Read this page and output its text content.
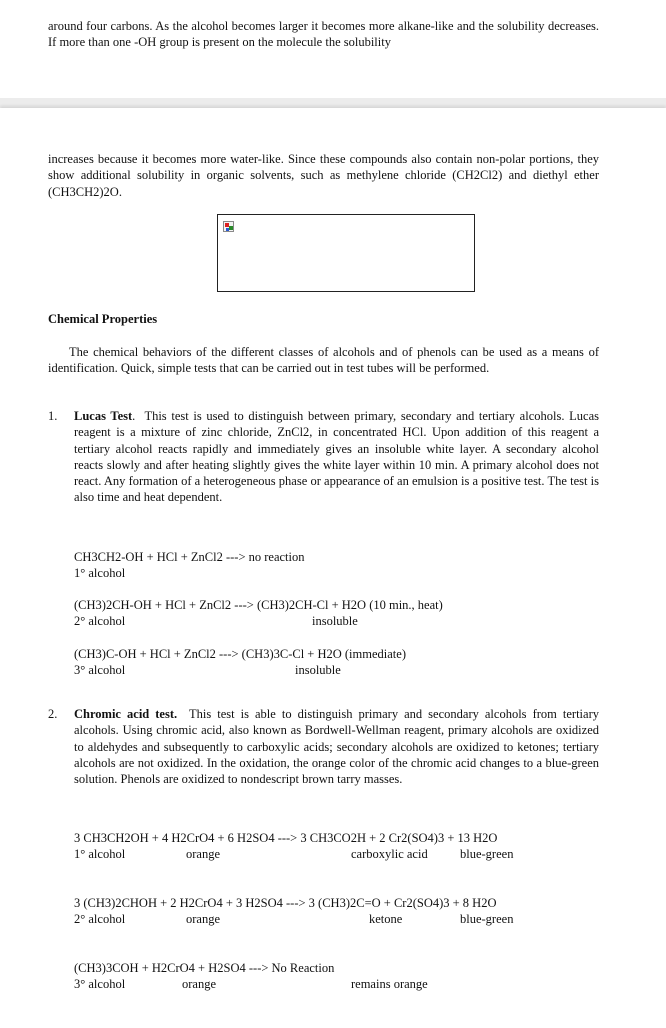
around four carbons. As the alcohol becomes larger it becomes more alkane-like and the solubility decreases. If more than one -OH group is present on the molecule the solubility

increases because it becomes more water-like. Since these compounds also contain non-polar portions, they show additional solubility in organic solvents, such as methylene chloride (CH2Cl2) and diethyl ether (CH3CH2)2O.

Chemical Properties

The chemical behaviors of the different classes of alcohols and of phenols can be used as a means of identification. Quick, simple tests that can be carried out in test tubes will be performed.

1. Lucas Test.  This test is used to distinguish between primary, secondary and tertiary alcohols. Lucas reagent is a mixture of zinc chloride, ZnCl2, in concentrated HCl. Upon addition of this reagent a tertiary alcohol reacts rapidly and immediately gives an insoluble white layer. A secondary alcohol reacts slowly and after heating slightly gives the white layer within 10 min. A primary alcohol does not react. Any formation of a heterogeneous phase or appearance of an emulsion is a positive test. The test is also time and heat dependent.

CH3CH2-OH + HCl + ZnCl2 ---> no reaction
1° alcohol
(CH3)2CH-OH + HCl + ZnCl2 ---> (CH3)2CH-Cl + H2O (10 min., heat)
2° alcohol	insoluble
(CH3)C-OH + HCl + ZnCl2 ---> (CH3)3C-Cl + H2O (immediate)
3° alcohol	insoluble
2. Chromic acid test. This test is able to distinguish primary and secondary alcohols from tertiary alcohols. Using chromic acid, also known as Bordwell-Wellman reagent, primary alcohols are oxidized to aldehydes and subsequently to carboxylic acids; secondary alcohols are oxidized to ketones; tertiary alcohols are not oxidized. In the oxidation, the orange color of the chromic acid changes to a blue-green solution. Phenols are oxidized to nondescript brown tarry masses.

3 CH3CH2OH + 4 H2CrO4 + 6 H2SO4 ---> 3 CH3CO2H + 2 Cr2(SO4)3 + 13 H2O
1° alcohol	orange	carboxylic acid	blue-green
3 (CH3)2CHOH + 2 H2CrO4 + 3 H2SO4 ---> 3 (CH3)2C=O + Cr2(SO4)3 + 8 H2O
2° alcohol	orange	ketone	blue-green
(CH3)3COH + H2CrO4 + H2SO4 ---> No Reaction
3° alcohol	orange	remains orange
